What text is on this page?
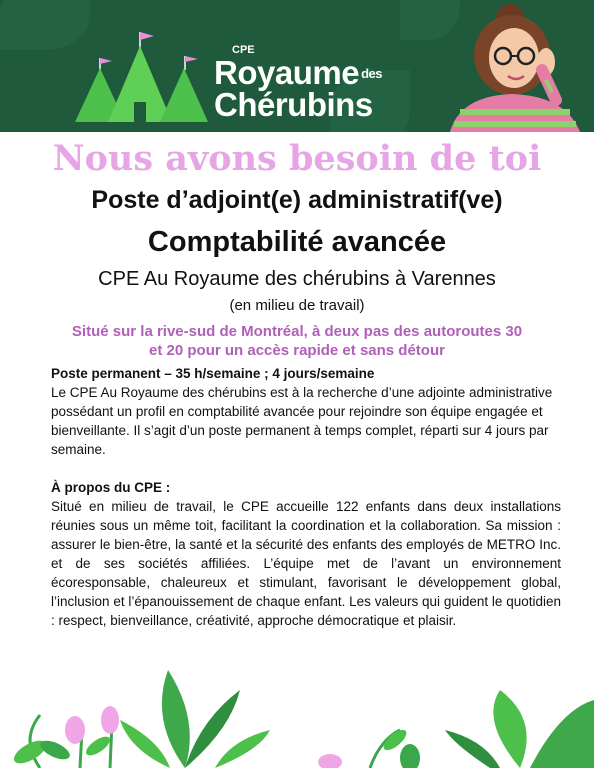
CPE
Royaume des
Chérubins
Nous avons besoin de toi
Poste d’adjoint(e) administratif(ve)
Comptabilité avancée
CPE Au Royaume des chérubins à Varennes
(en milieu de travail)
Situé sur la rive-sud de Montréal, à deux pas des autoroutes 30
et 20 pour un accès rapide et sans détour

Poste permanent – 35 h/semaine ; 4 jours/semaine

Le CPE Au Royaume des chérubins est à la recherche d’une adjointe administrative possédant un profil en comptabilité avancée pour rejoindre son équipe engagée et bienveillante. Il s’agit d’un poste permanent à temps complet, réparti sur 4 jours par semaine.

À propos du CPE :

Situé en milieu de travail, le CPE accueille 122 enfants dans deux installations réunies sous un même toit, facilitant la coordination et la collaboration. Sa mission : assurer le bien-être, la santé et la sécurité des enfants des employés de METRO Inc. et de ses sociétés affiliées. L’équipe met de l’avant un environnement écoresponsable, chaleureux et stimulant, favorisant le développement global, l’inclusion et l’épanouissement de chaque enfant. Les valeurs qui guident le quotidien : respect, bienveillance, créativité, approche démocratique et plaisir.
